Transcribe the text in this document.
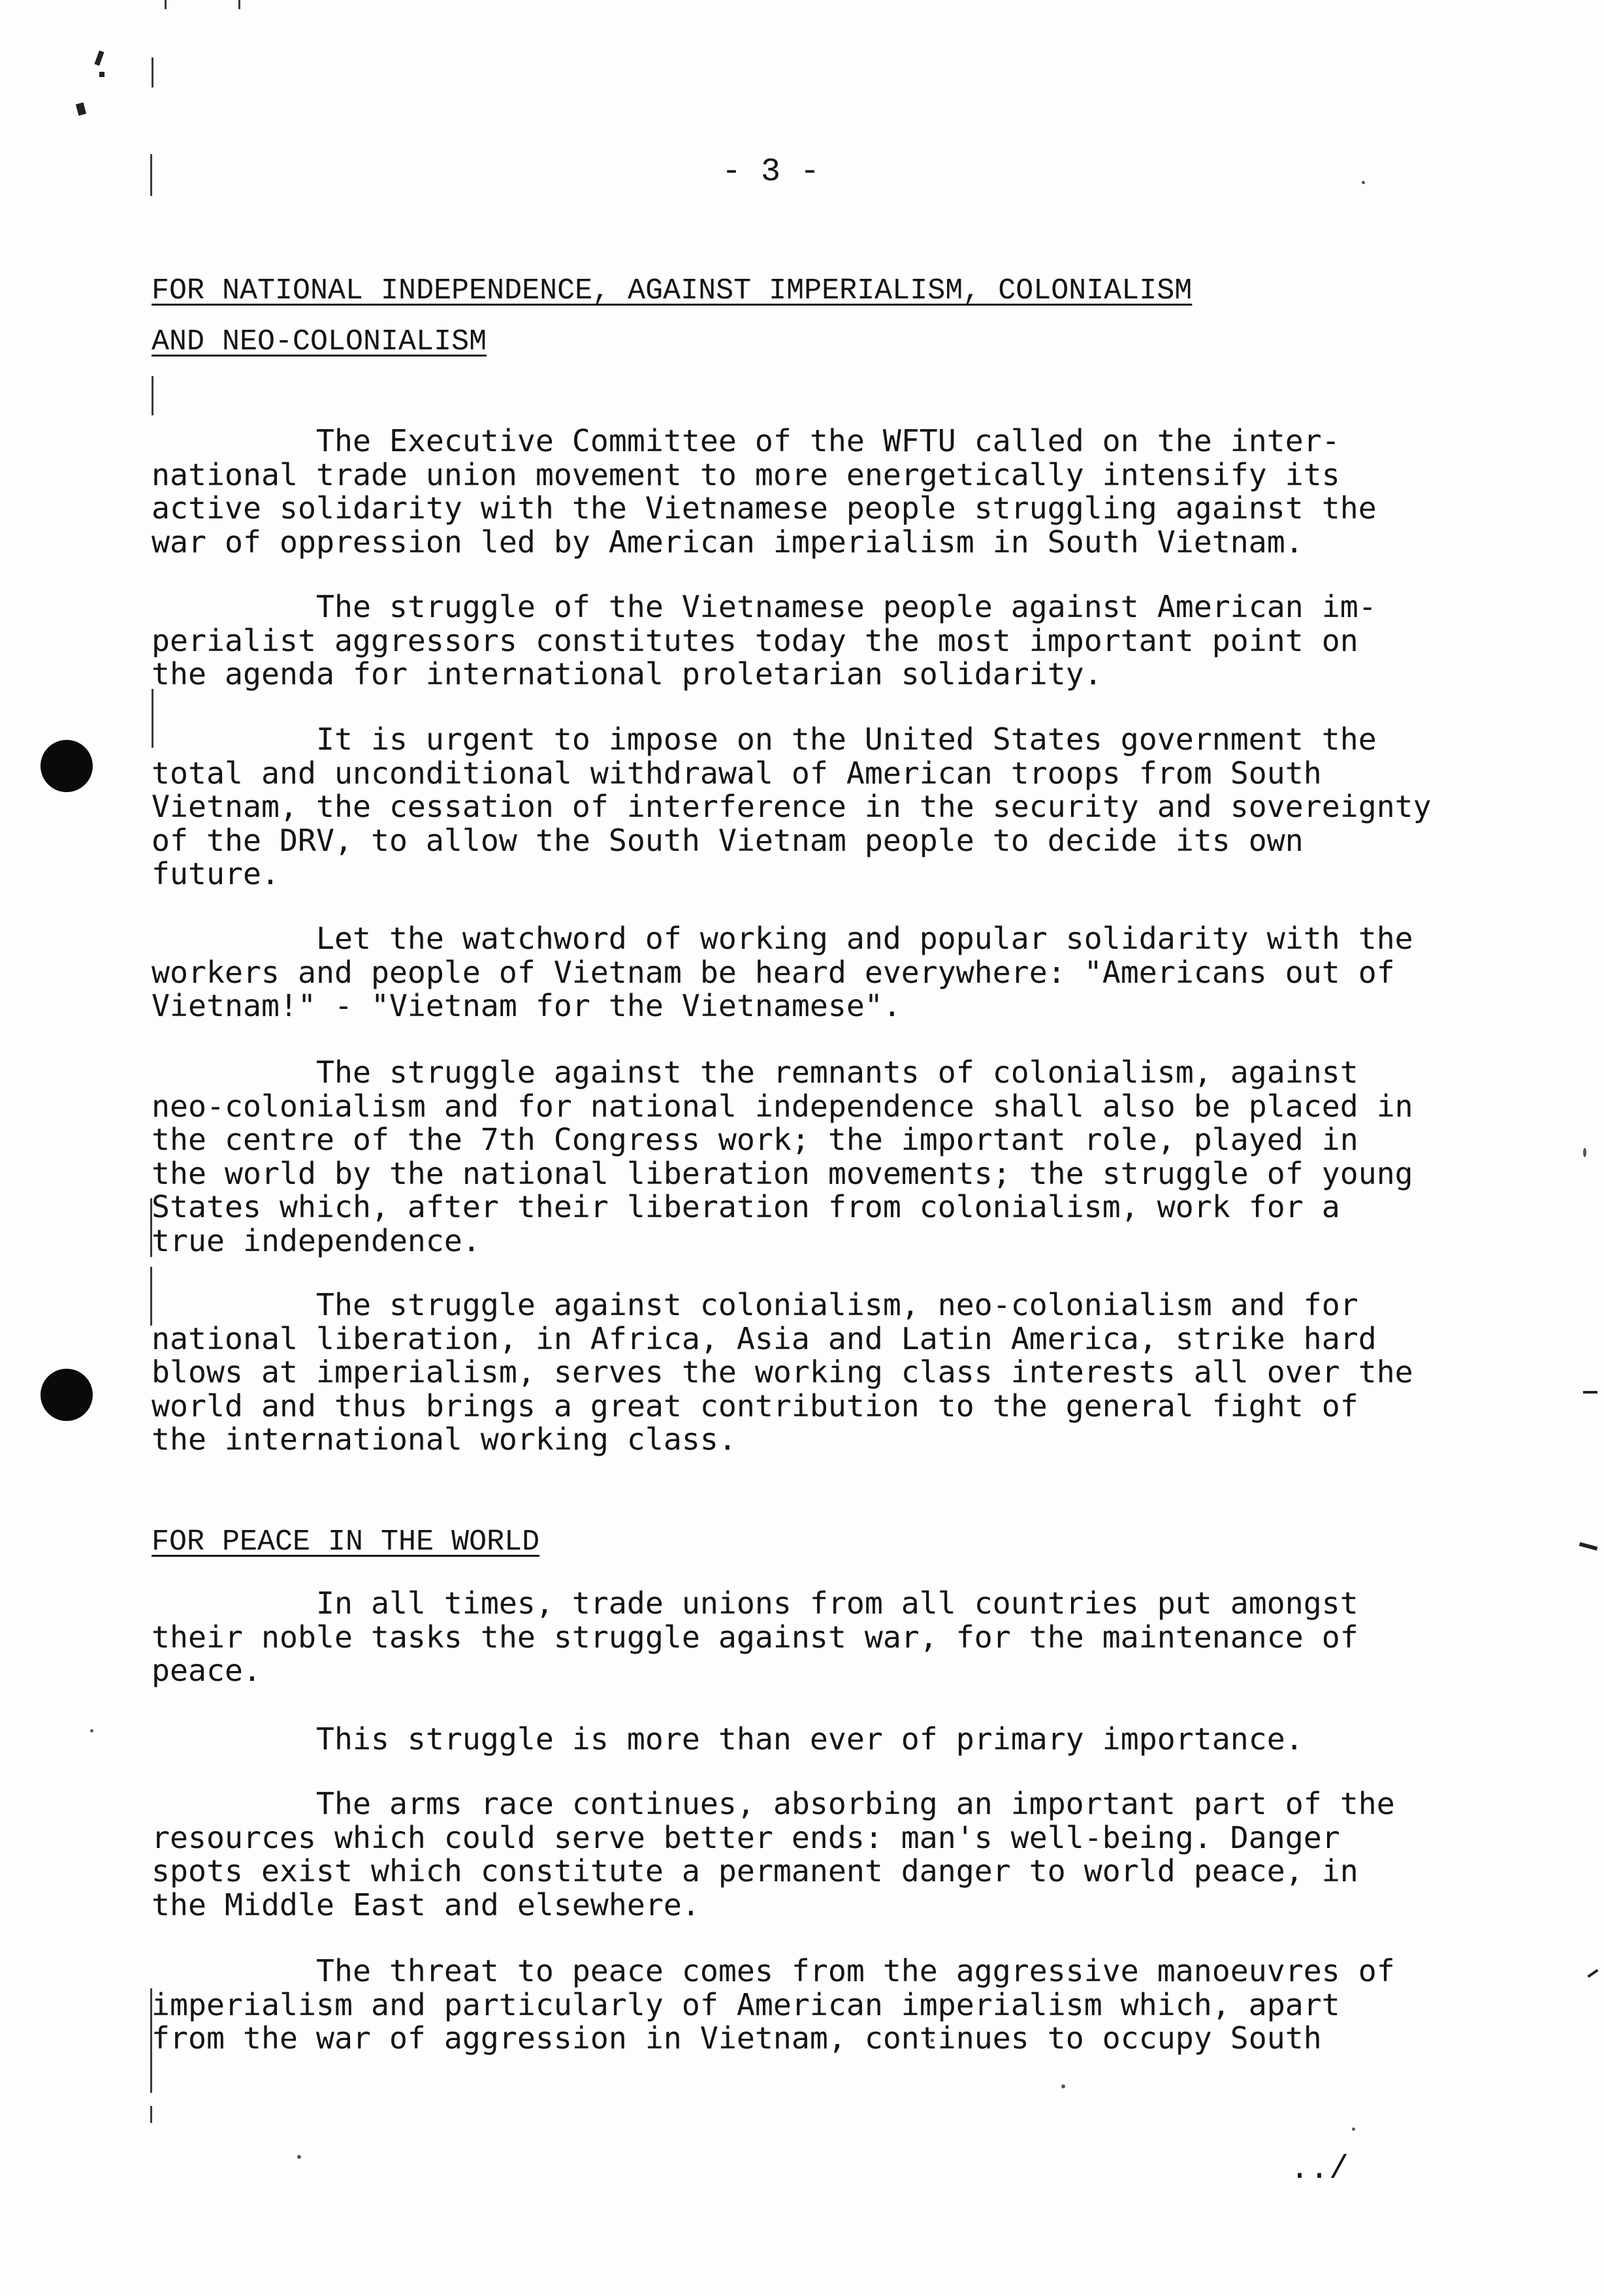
- 3 -
FOR NATIONAL INDEPENDENCE, AGAINST IMPERIALISM, COLONIALISM
AND NEO-COLONIALISM
The Executive Committee of the WFTU called on the inter-
national trade union movement to more energetically intensify its
active solidarity with the Vietnamese people struggling against the
war of oppression led by American imperialism in South Vietnam.
The struggle of the Vietnamese people against American im-
perialist aggressors constitutes today the most important point on
the agenda for international proletarian solidarity.
It is urgent to impose on the United States government the
total and unconditional withdrawal of American troops from South
Vietnam, the cessation of interference in the security and sovereignty
of the DRV, to allow the South Vietnam people to decide its own
future.
Let the watchword of working and popular solidarity with the
workers and people of Vietnam be heard everywhere: "Americans out of
Vietnam!" - "Vietnam for the Vietnamese".
The struggle against the remnants of colonialism, against
neo-colonialism and for national independence shall also be placed in
the centre of the 7th Congress work; the important role, played in
the world by the national liberation movements; the struggle of young
States which, after their liberation from colonialism, work for a
true independence.
The struggle against colonialism, neo-colonialism and for
national liberation, in Africa, Asia and Latin America, strike hard
blows at imperialism, serves the working class interests all over the
world and thus brings a great contribution to the general fight of
the international working class.
FOR PEACE IN THE WORLD
In all times, trade unions from all countries put amongst
their noble tasks the struggle against war, for the maintenance of
peace.
This struggle is more than ever of primary importance.
The arms race continues, absorbing an important part of the
resources which could serve better ends: man's well-being. Danger
spots exist which constitute a permanent danger to world peace, in
the Middle East and elsewhere.
The threat to peace comes from the aggressive manoeuvres of
imperialism and particularly of American imperialism which, apart
from the war of aggression in Vietnam, continues to occupy South
../
